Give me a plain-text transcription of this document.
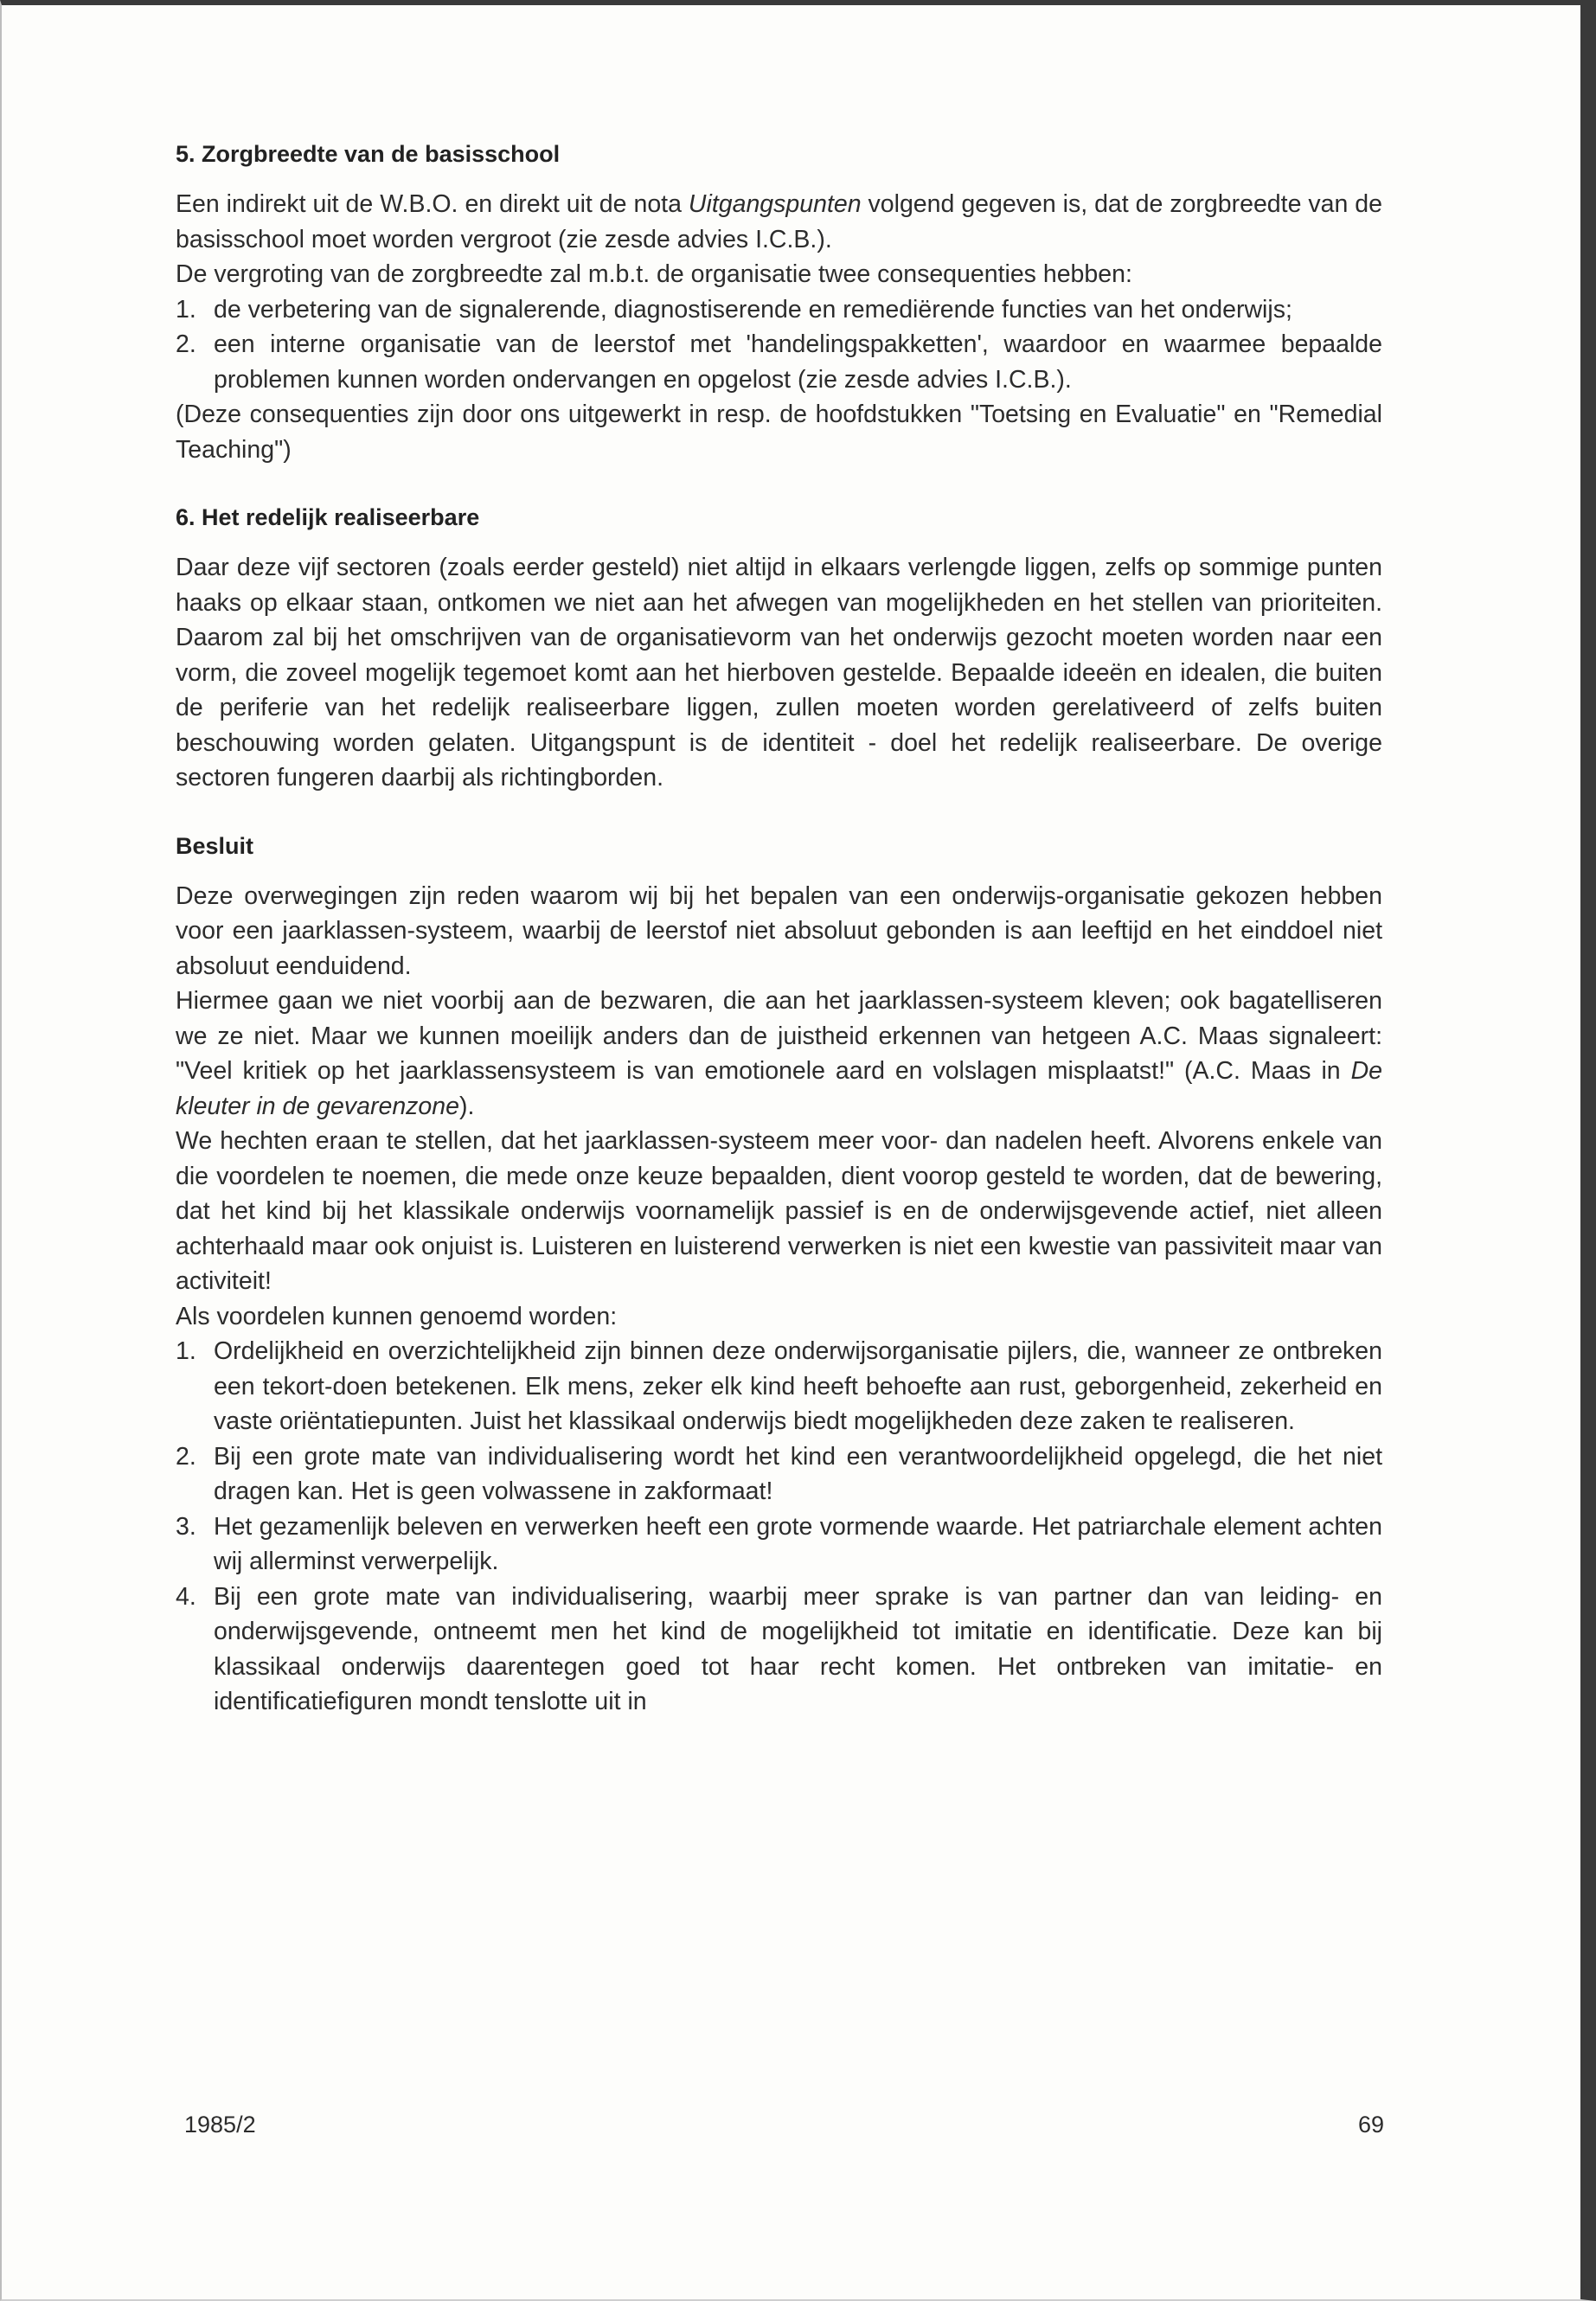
5. Zorgbreedte van de basisschool

Een indirekt uit de W.B.O. en direkt uit de nota Uitgangspunten volgend gegeven is, dat de zorgbreedte van de basisschool moet worden vergroot (zie zesde advies I.C.B.).

De vergroting van de zorgbreedte zal m.b.t. de organisatie twee consequenties hebben:

1. de verbetering van de signalerende, diagnostiserende en remediërende functies van het onderwijs;
2. een interne organisatie van de leerstof met 'handelingspakketten', waardoor en waarmee bepaalde problemen kunnen worden ondervangen en opgelost (zie zesde advies I.C.B.).

(Deze consequenties zijn door ons uitgewerkt in resp. de hoofdstukken "Toetsing en Evaluatie" en "Remedial Teaching")

6. Het redelijk realiseerbare

Daar deze vijf sectoren (zoals eerder gesteld) niet altijd in elkaars verlengde liggen, zelfs op sommige punten haaks op elkaar staan, ontkomen we niet aan het afwegen van mogelijkheden en het stellen van prioriteiten. Daarom zal bij het omschrijven van de organisatievorm van het onderwijs gezocht moeten worden naar een vorm, die zoveel mogelijk tegemoet komt aan het hierboven gestelde. Bepaalde ideeën en idealen, die buiten de periferie van het redelijk realiseerbare liggen, zullen moeten worden gerelativeerd of zelfs buiten beschouwing worden gelaten. Uitgangspunt is de identiteit - doel het redelijk realiseerbare. De overige sectoren fungeren daarbij als richtingborden.

Besluit

Deze overwegingen zijn reden waarom wij bij het bepalen van een onderwijs-organisatie gekozen hebben voor een jaarklassen-systeem, waarbij de leerstof niet absoluut gebonden is aan leeftijd en het einddoel niet absoluut eenduidend.

Hiermee gaan we niet voorbij aan de bezwaren, die aan het jaarklassen-systeem kleven; ook bagatelliseren we ze niet. Maar we kunnen moeilijk anders dan de juistheid erkennen van hetgeen A.C. Maas signaleert: "Veel kritiek op het jaarklassensysteem is van emotionele aard en volslagen misplaatst!" (A.C. Maas in De kleuter in de gevarenzone).

We hechten eraan te stellen, dat het jaarklassen-systeem meer voor- dan nadelen heeft. Alvorens enkele van die voordelen te noemen, die mede onze keuze bepaalden, dient voorop gesteld te worden, dat de bewering, dat het kind bij het klassikale onderwijs voornamelijk passief is en de onderwijsgevende actief, niet alleen achterhaald maar ook onjuist is. Luisteren en luisterend verwerken is niet een kwestie van passiviteit maar van activiteit!

Als voordelen kunnen genoemd worden:

1. Ordelijkheid en overzichtelijkheid zijn binnen deze onderwijsorganisatie pijlers, die, wanneer ze ontbreken een tekort-doen betekenen. Elk mens, zeker elk kind heeft behoefte aan rust, geborgenheid, zekerheid en vaste oriëntatiepunten. Juist het klassikaal onderwijs biedt mogelijkheden deze zaken te realiseren.
2. Bij een grote mate van individualisering wordt het kind een verantwoordelijkheid opgelegd, die het niet dragen kan. Het is geen volwassene in zakformaat!
3. Het gezamenlijk beleven en verwerken heeft een grote vormende waarde. Het patriarchale element achten wij allerminst verwerpelijk.
4. Bij een grote mate van individualisering, waarbij meer sprake is van partner dan van leiding- en onderwijsgevende, ontneemt men het kind de mogelijkheid tot imitatie en identificatie. Deze kan bij klassikaal onderwijs daarentegen goed tot haar recht komen. Het ontbreken van imitatie- en identificatiefiguren mondt tenslotte uit in
1985/2	69
